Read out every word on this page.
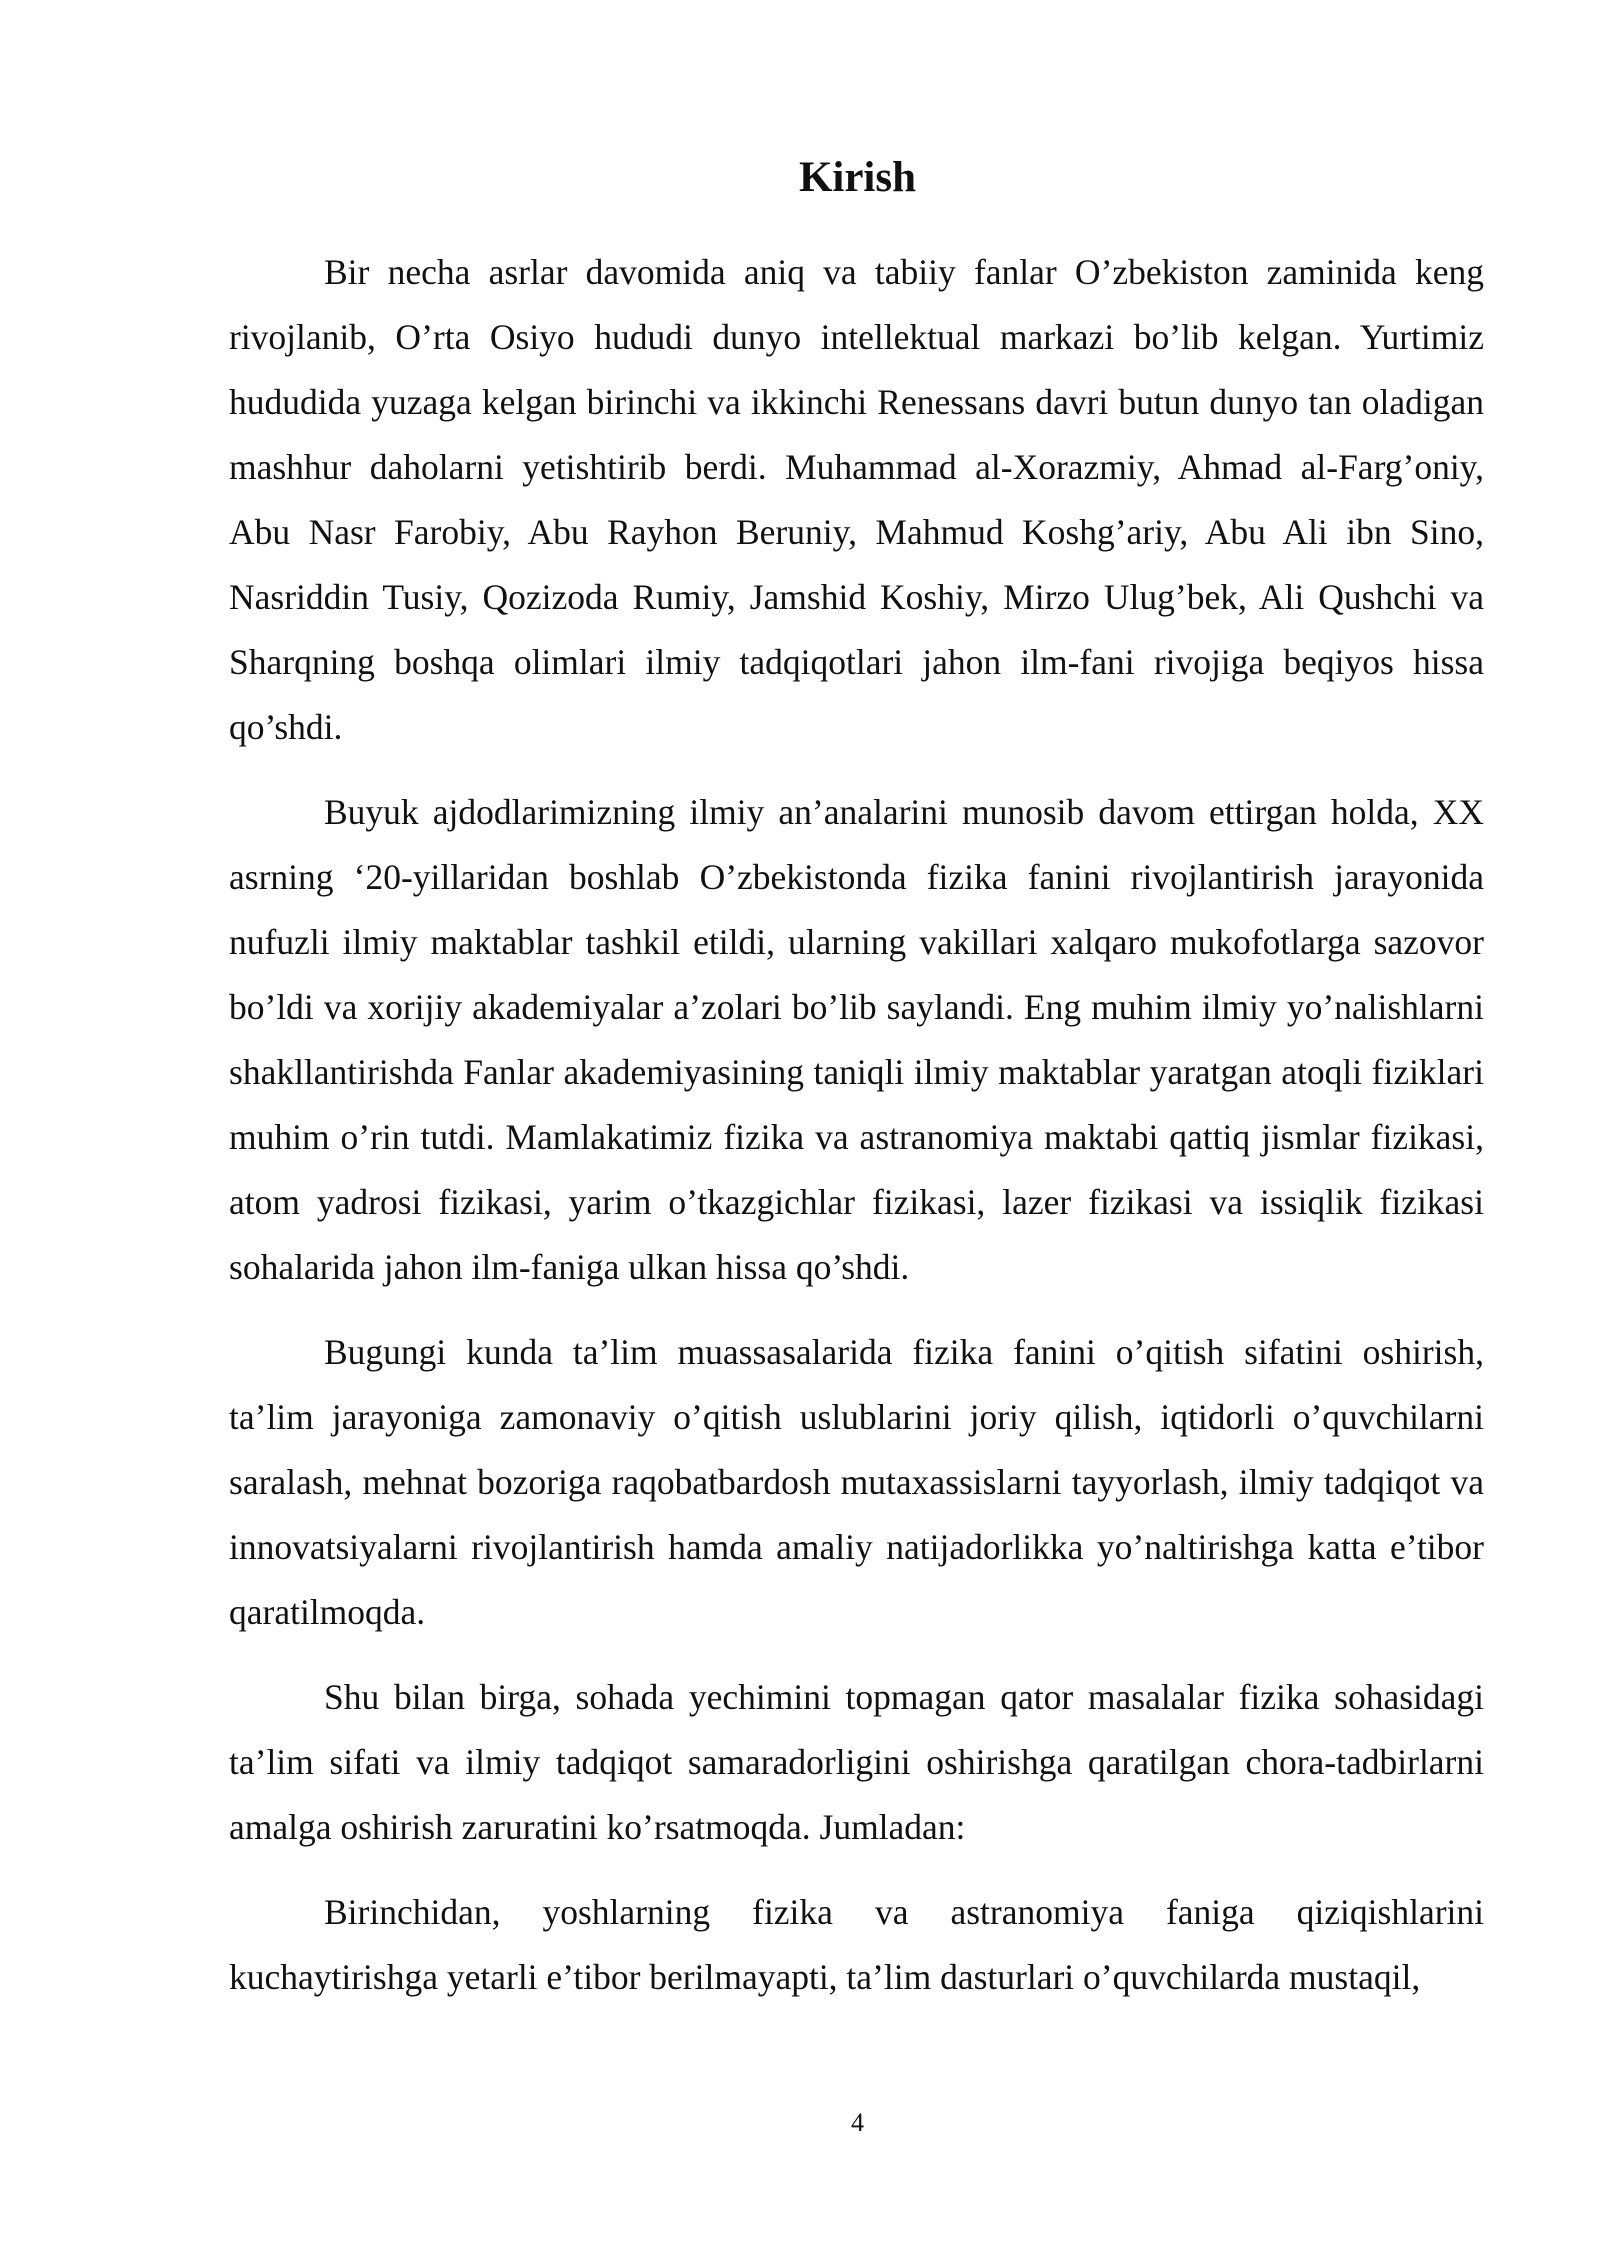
Kirish

Bir necha asrlar davomida aniq va tabiiy fanlar O’zbekiston zaminida keng rivojlanib, O’rta Osiyo hududi dunyo intellektual markazi bo’lib kelgan. Yurtimiz hududida yuzaga kelgan birinchi va ikkinchi Renessans davri butun dunyo tan oladigan mashhur daholarni yetishtirib berdi. Muhammad al-Xorazmiy, Ahmad al-Farg’oniy, Abu Nasr Farobiy, Abu Rayhon Beruniy, Mahmud Koshg’ariy, Abu Ali ibn Sino, Nasriddin Tusiy, Qozizoda Rumiy, Jamshid Koshiy, Mirzo Ulug’bek, Ali Qushchi va Sharqning boshqa olimlari ilmiy tadqiqotlari jahon ilm-fani rivojiga beqiyos hissa qo’shdi.

Buyuk ajdodlarimizning ilmiy an’analarini munosib davom ettirgan holda, XX asrning ‘20-yillaridan boshlab O’zbekistonda fizika fanini rivojlantirish jarayonida nufuzli ilmiy maktablar tashkil etildi, ularning vakillari xalqaro mukofotlarga sazovor bo’ldi va xorijiy akademiyalar a’zolari bo’lib saylandi. Eng muhim ilmiy yo’nalishlarni shakllantirishda Fanlar akademiyasining taniqli ilmiy maktablar yaratgan atoqli fiziklari muhim o’rin tutdi. Mamlakatimiz fizika va astranomiya maktabi qattiq jismlar fizikasi, atom yadrosi fizikasi, yarim o’tkazgichlar fizikasi, lazer fizikasi va issiqlik fizikasi sohalarida jahon ilm-faniga ulkan hissa qo’shdi.

Bugungi kunda ta’lim muassasalarida fizika fanini o’qitish sifatini oshirish, ta’lim jarayoniga zamonaviy o’qitish uslublarini joriy qilish, iqtidorli o’quvchilarni saralash, mehnat bozoriga raqobatbardosh mutaxassislarni tayyorlash, ilmiy tadqiqot va innovatsiyalarni rivojlantirish hamda amaliy natijadorlikka yo’naltirishga katta e’tibor qaratilmoqda.

Shu bilan birga, sohada yechimini topmagan qator masalalar fizika sohasidagi ta’lim sifati va ilmiy tadqiqot samaradorligini oshirishga qaratilgan chora-tadbirlarni amalga oshirish zaruratini ko’rsatmoqda. Jumladan:

Birinchidan, yoshlarning fizika va astranomiya faniga qiziqishlarini kuchaytirishga yetarli e’tibor berilmayapti, ta’lim dasturlari o’quvchilarda mustaqil,

4
